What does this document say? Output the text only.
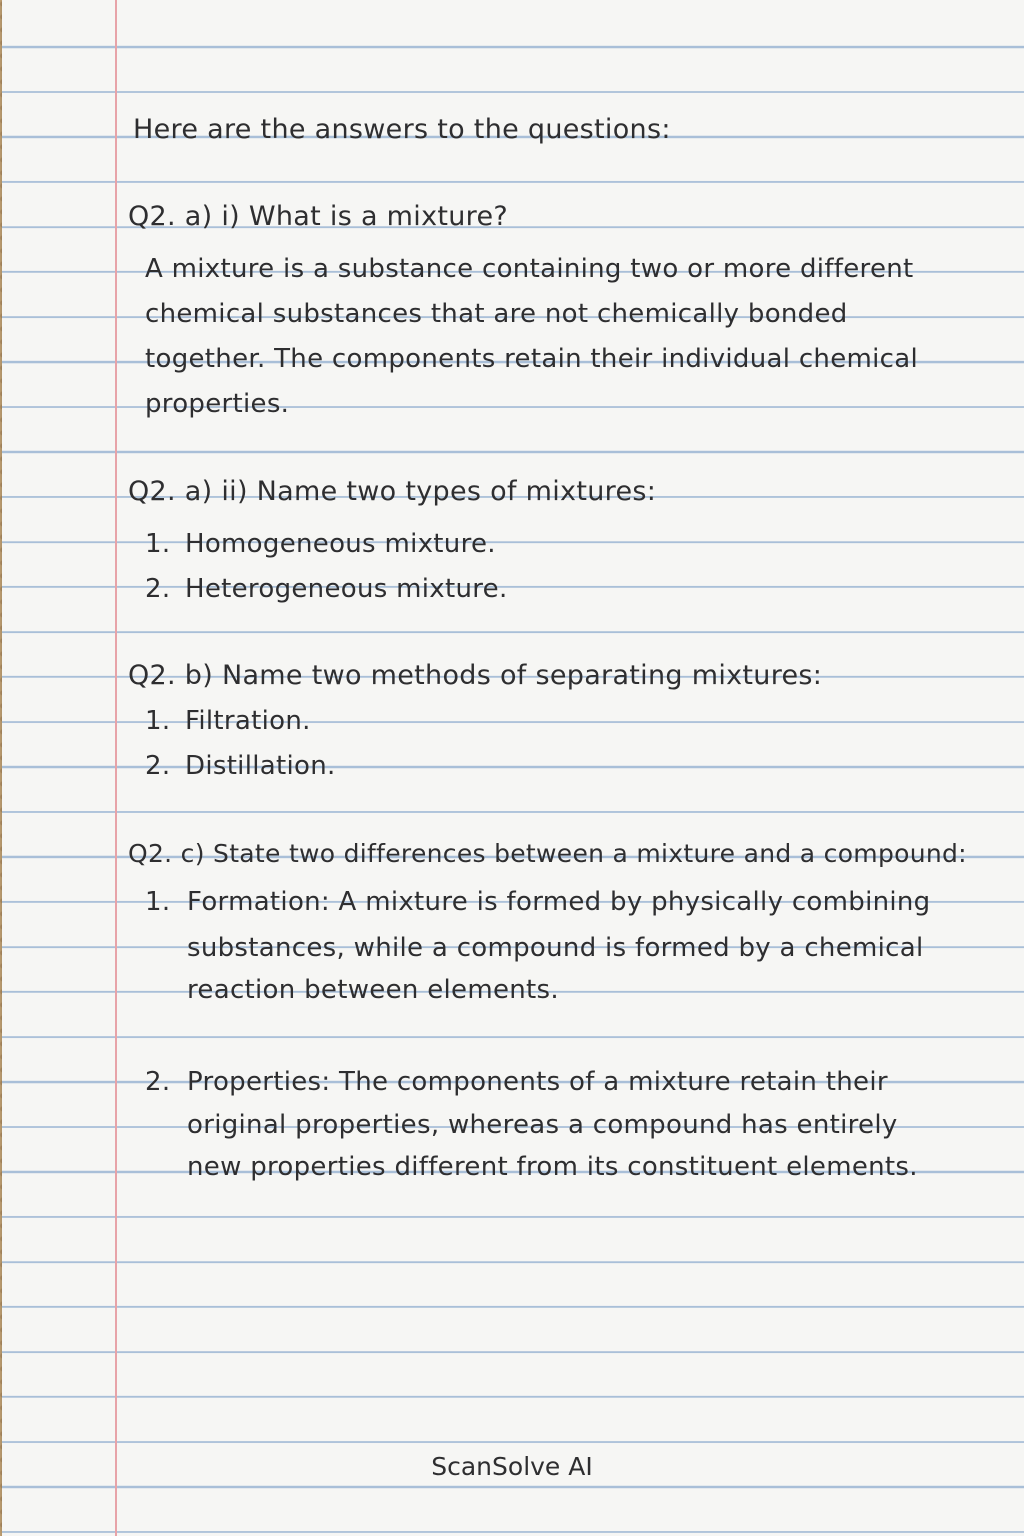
Here are the answers to the questions:
Q2. a) i) What is a mixture?
A mixture is a substance containing two or more different
chemical substances that are not chemically bonded
together. The components retain their individual chemical
properties.
Q2. a) ii) Name two types of mixtures:
1. Homogeneous mixture.
2. Heterogeneous mixture.
Q2. b) Name two methods of separating mixtures:
1. Filtration.
2. Distillation.
Q2. c) State two differences between a mixture and a compound:
1. Formation: A mixture is formed by physically combining
substances, while a compound is formed by a chemical
reaction between elements.
2. Properties: The components of a mixture retain their
original properties, whereas a compound has entirely
new properties different from its constituent elements.
ScanSolve AI
